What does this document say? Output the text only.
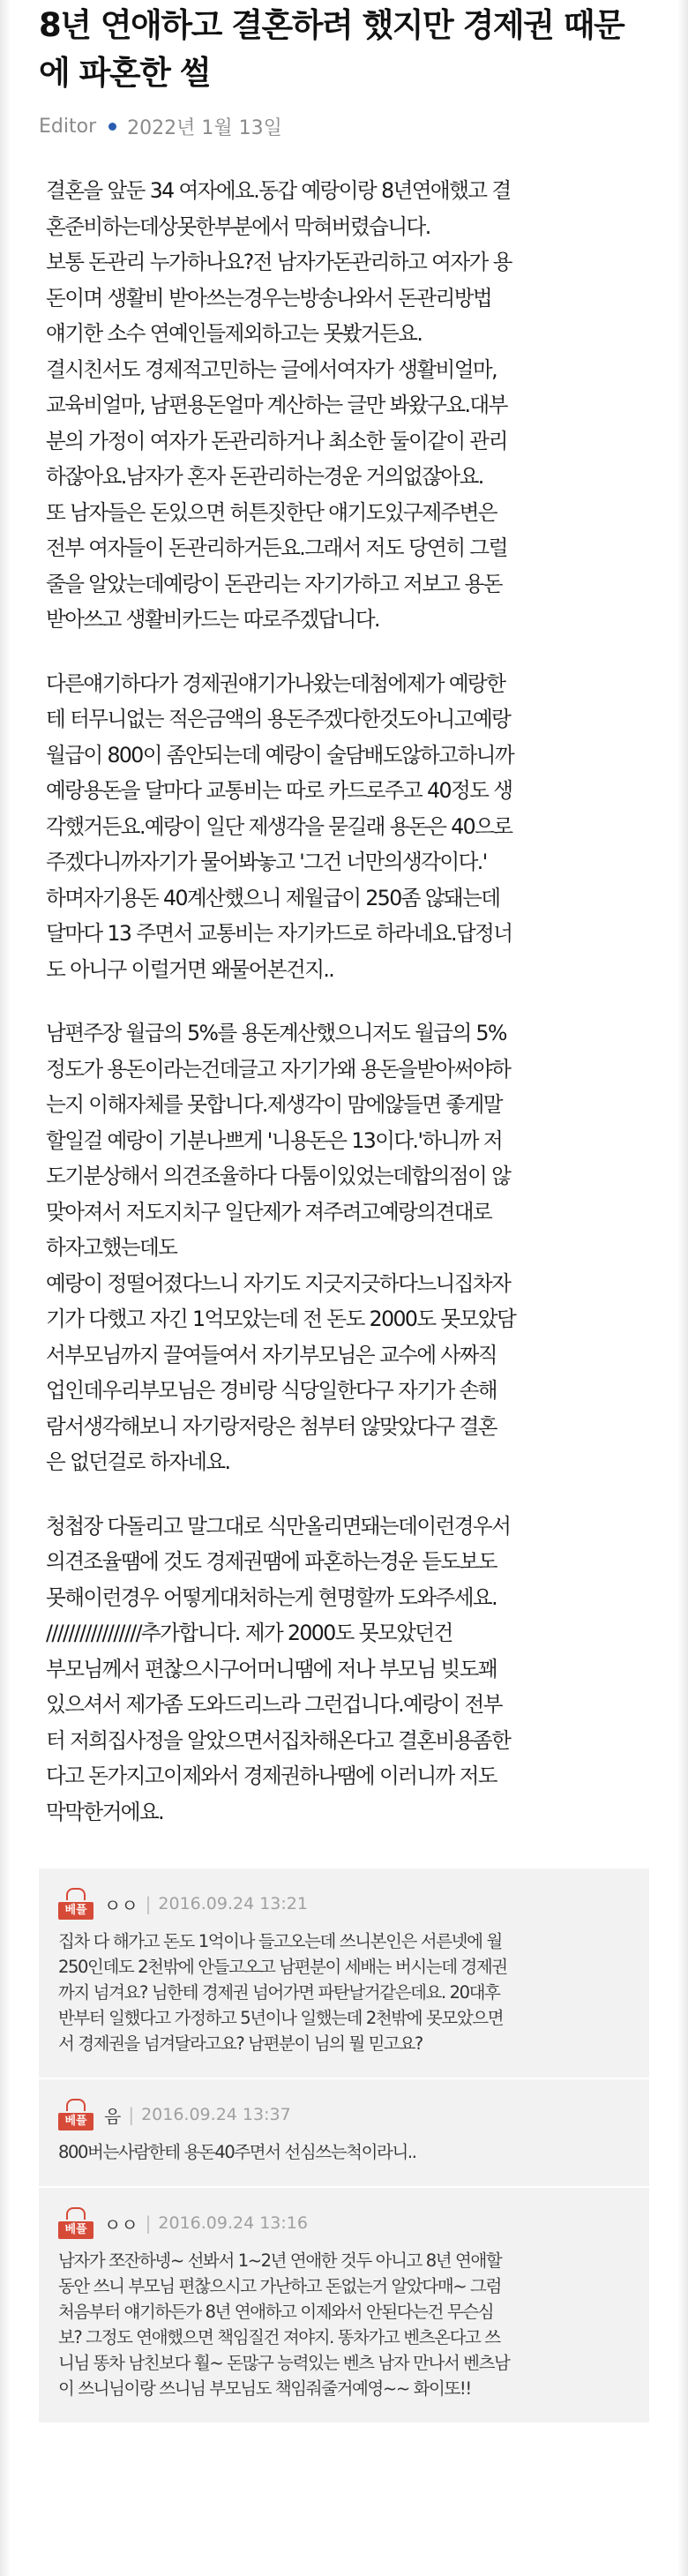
8년 연애하고 결혼하려 했지만 경제권 때문에 파혼한 썰
Editor 2022년 1월 13일

결혼을 앞둔 34 여자에요.동갑 예랑이랑 8년연애했고 결
혼준비하는데상못한부분에서 막혀버렸습니다.
보통 돈관리 누가하나요?전 남자가돈관리하고 여자가 용
돈이며 생활비 받아쓰는경우는방송나와서 돈관리방법
얘기한 소수 연예인들제외하고는 못봤거든요.
결시친서도 경제적고민하는 글에서여자가 생활비얼마,
교육비얼마, 남편용돈얼마 계산하는 글만 봐왔구요.대부
분의 가정이 여자가 돈관리하거나 최소한 둘이같이 관리
하잖아요.남자가 혼자 돈관리하는경운 거의없잖아요.
또 남자들은 돈있으면 허튼짓한단 얘기도있구제주변은
전부 여자들이 돈관리하거든요.그래서 저도 당연히 그럴
줄을 알았는데예랑이 돈관리는 자기가하고 저보고 용돈
받아쓰고 생활비카드는 따로주겠답니다.

다른얘기하다가 경제권얘기가나왔는데첨에제가 예랑한
테 터무니없는 적은금액의 용돈주겠다한것도아니고예랑
월급이 800이 좀안되는데 예랑이 술담배도않하고하니까
예랑용돈을 달마다 교통비는 따로 카드로주고 40정도 생
각했거든요.예랑이 일단 제생각을 묻길래 용돈은 40으로
주겠다니까자기가 물어봐놓고 '그건 너만의생각이다.'
하며자기용돈 40계산했으니 제월급이 250좀 않돼는데
달마다 13 주면서 교통비는 자기카드로 하라네요.답정너
도 아니구 이럴거면 왜물어본건지..

남편주장 월급의 5%를 용돈계산했으니저도 월급의 5%
정도가 용돈이라는건데글고 자기가왜 용돈을받아써야하
는지 이해자체를 못합니다.제생각이 맘에않들면 좋게말
할일걸 예랑이 기분나쁘게 '니용돈은 13이다.'하니까 저
도기분상해서 의견조율하다 다툼이있었는데합의점이 않
맞아져서 저도지치구 일단제가 져주려고예랑의견대로
하자고했는데도
예랑이 정떨어졌다느니 자기도 지긋지긋하다느니집차자
기가 다했고 자긴 1억모았는데 전 돈도 2000도 못모았담
서부모님까지 끌여들여서 자기부모님은 교수에 사짜직
업인데우리부모님은 경비랑 식당일한다구 자기가 손해
람서생각해보니 자기랑저랑은 첨부터 않맞았다구 결혼
은 없던걸로 하자네요.

청첩장 다돌리고 말그대로 식만올리면돼는데이런경우서
의견조율땜에 것도 경제권땜에 파혼하는경운 듣도보도
못해이런경우 어떻게대처하는게 현명할까 도와주세요.
/////////////////추가합니다. 제가 2000도 못모았던건
부모님께서 편찮으시구어머니땜에 저나 부모님 빚도꽤
있으셔서 제가좀 도와드리느라 그런겁니다.예랑이 전부
터 저희집사정을 알았으면서집차해온다고 결혼비용좀한
다고 돈가지고이제와서 경제권하나땜에 이러니까 저도
막막한거에요.

베플 ㅇㅇ | 2016.09.24 13:21
집차 다 해가고 돈도 1억이나 들고오는데 쓰니본인은 서른넷에 월
250인데도 2천밖에 안들고오고 남편분이 세배는 버시는데 경제권
까지 넘겨요? 님한테 경제권 넘어가면 파탄날거같은데요. 20대후
반부터 일했다고 가정하고 5년이나 일했는데 2천밖에 못모았으면
서 경제권을 넘겨달라고요? 남편분이 님의 뭘 믿고요?
베플 음 | 2016.09.24 13:37
800버는사람한테 용돈40주면서 선심쓰는척이라니..
베플 ㅇㅇ | 2016.09.24 13:16
남자가 쪼잔하넹~ 선봐서 1~2년 연애한 것두 아니고 8년 연애할
동안 쓰니 부모님 편찮으시고 가난하고 돈없는거 알았다매~ 그럼
처음부터 얘기하든가 8년 연애하고 이제와서 안된다는건 무슨심
보? 그정도 연애했으면 책임질건 져야지. 똥차가고 벤츠온다고 쓰
니님 똥차 남친보다 훨~ 돈많구 능력있는 벤츠 남자 만나서 벤츠남
이 쓰니님이랑 쓰니님 부모님도 책임줘줄거예영~~ 화이또!!
